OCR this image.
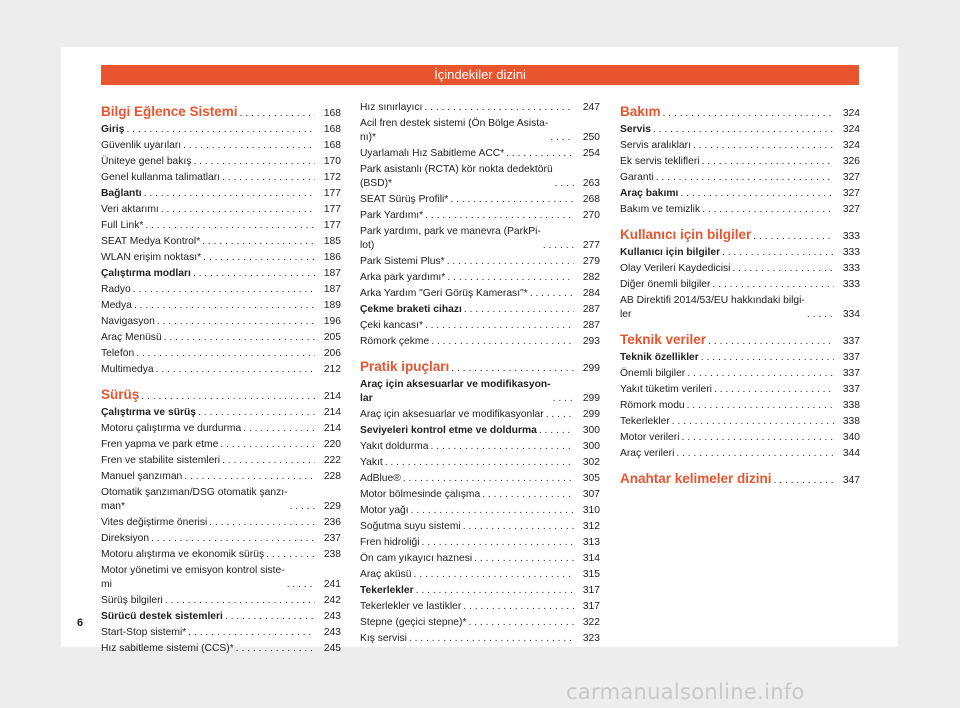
İçindekiler dizini
Bilgi Eğlence Sistemi . . .	168
Giriş . . .	168
Güvenlik uyarıları . . .	168
Üniteye genel bakış . . .	170
Genel kullanma talimatları . . .	172
Bağlantı . . .	177
Veri aktarımı . . .	177
Full Link* . . .	177
SEAT Medya Kontrol* . . .	185
WLAN erişim noktası* . . .	186
Çalıştırma modları . . .	187
Radyo . . .	187
Medya . . .	189
Navigasyon . . .	196
Araç Menüsü . . .	205
Telefon . . .	206
Multimedya . . .	212
Sürüş . . .	214
Çalıştırma ve sürüş . . .	214
Motoru çalıştırma ve durdurma . . .	214
Fren yapma ve park etme . . .	220
Fren ve stabilite sistemleri . . .	222
Manuel şanzıman . . .	228
Otomatik şanzıman/DSG otomatik şanzı-
man* . . .	229
Vites değiştirme önerisi . . .	236
Direksiyon . . .	237
Motoru alıştırma ve ekonomik sürüş . . .	238
Motor yönetimi ve emisyon kontrol siste-
mi . . .	241
Sürüş bilgileri . . .	242
Sürücü destek sistemleri . . .	243
Start-Stop sistemi* . . .	243
Hız sabitleme sistemi (CCS)* . . .	245
Hız sınırlayıcı . . .	247
Acil fren destek sistemi (Ön Bölge Asista-
nı)* . . .	250
Uyarlamalı Hız Sabitleme ACC* . . .	254
Park asistanlı (RCTA) kör nokta dedektörü
(BSD)* . . .	263
SEAT Sürüş Profili* . . .	268
Park Yardımı* . . .	270
Park yardımı, park ve manevra (ParkPi-
lot) . . .	277
Park Sistemi Plus* . . .	279
Arka park yardımı* . . .	282
Arka Yardım "Geri Görüş Kamerası"* . . .	284
Çekme braketi cihazı . . .	287
Çeki kancası* . . .	287
Römork çekme . . .	293
Pratik ipuçları . . .	299
Araç için aksesuarlar ve modifikasyon-
lar . . .	299
Araç için aksesuarlar ve modifikasyonlar . . .	299
Seviyeleri kontrol etme ve doldurma . . .	300
Yakıt doldurma . . .	300
Yakıt . . .	302
AdBlue® . . .	305
Motor bölmesinde çalışma . . .	307
Motor yağı . . .	310
Soğutma suyu sistemi . . .	312
Fren hidroliği . . .	313
Ön cam yıkayıcı haznesi . . .	314
Araç aküsü . . .	315
Tekerlekler . . .	317
Tekerlekler ve lastikler . . .	317
Stepne (geçici stepne)* . . .	322
Kış servisi . . .	323
Bakım . . .	324
Servis . . .	324
Servis aralıkları . . .	324
Ek servis teklifleri . . .	326
Garanti . . .	327
Araç bakımı . . .	327
Bakım ve temizlik . . .	327
Kullanıcı için bilgiler . . .	333
Kullanıcı için bilgiler . . .	333
Olay Verileri Kaydedicisi . . .	333
Diğer önemli bilgiler . . .	333
AB Direktifi 2014/53/EU hakkındaki bilgi-
ler . . .	334
Teknik veriler . . .	337
Teknik özellikler . . .	337
Önemli bilgiler . . .	337
Yakıt tüketim verileri . . .	337
Römork modu . . .	338
Tekerlekler . . .	338
Motor verileri . . .	340
Araç verileri . . .	344
Anahtar kelimeler dizini . . .	347
6
carmanualsonline.info
